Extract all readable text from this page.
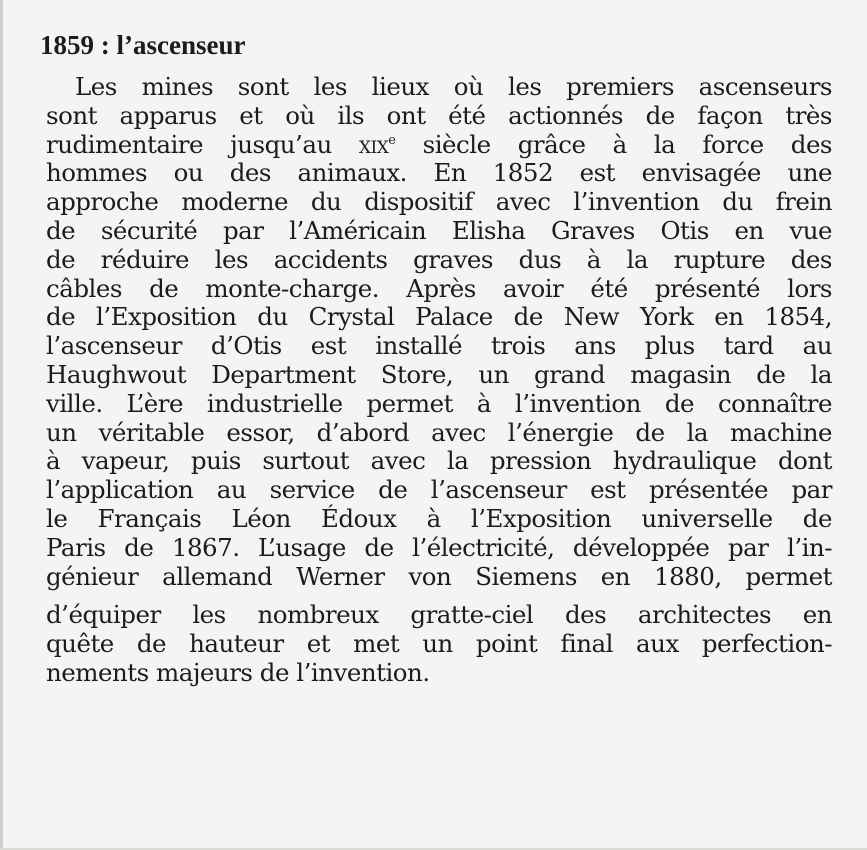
1859 : l’ascenseur
Les mines sont les lieux où les premiers ascenseurs
sont apparus et où ils ont été actionnés de façon très
rudimentaire jusqu’au xix$^e$ siècle grâce à la force des
hommes ou des animaux. En 1852 est envisagée une
approche moderne du dispositif avec l’invention du frein
de sécurité par l’Américain Elisha Graves Otis en vue
de réduire les accidents graves dus à la rupture des
câbles de monte-charge. Après avoir été présenté lors
de l’Exposition du Crystal Palace de New York en 1854,
l’ascenseur d’Otis est installé trois ans plus tard au
Haughwout Department Store, un grand magasin de la
ville. L’ère industrielle permet à l’invention de connaître
un véritable essor, d’abord avec l’énergie de la machine
à vapeur, puis surtout avec la pression hydraulique dont
l’application au service de l’ascenseur est présentée par
le Français Léon Édoux à l’Exposition universelle de
Paris de 1867. L’usage de l’électricité, développée par l’in-
génieur allemand Werner von Siemens en 1880, permet
d’équiper les nombreux gratte-ciel des architectes en
quête de hauteur et met un point final aux perfection-
nements majeurs de l’invention.
